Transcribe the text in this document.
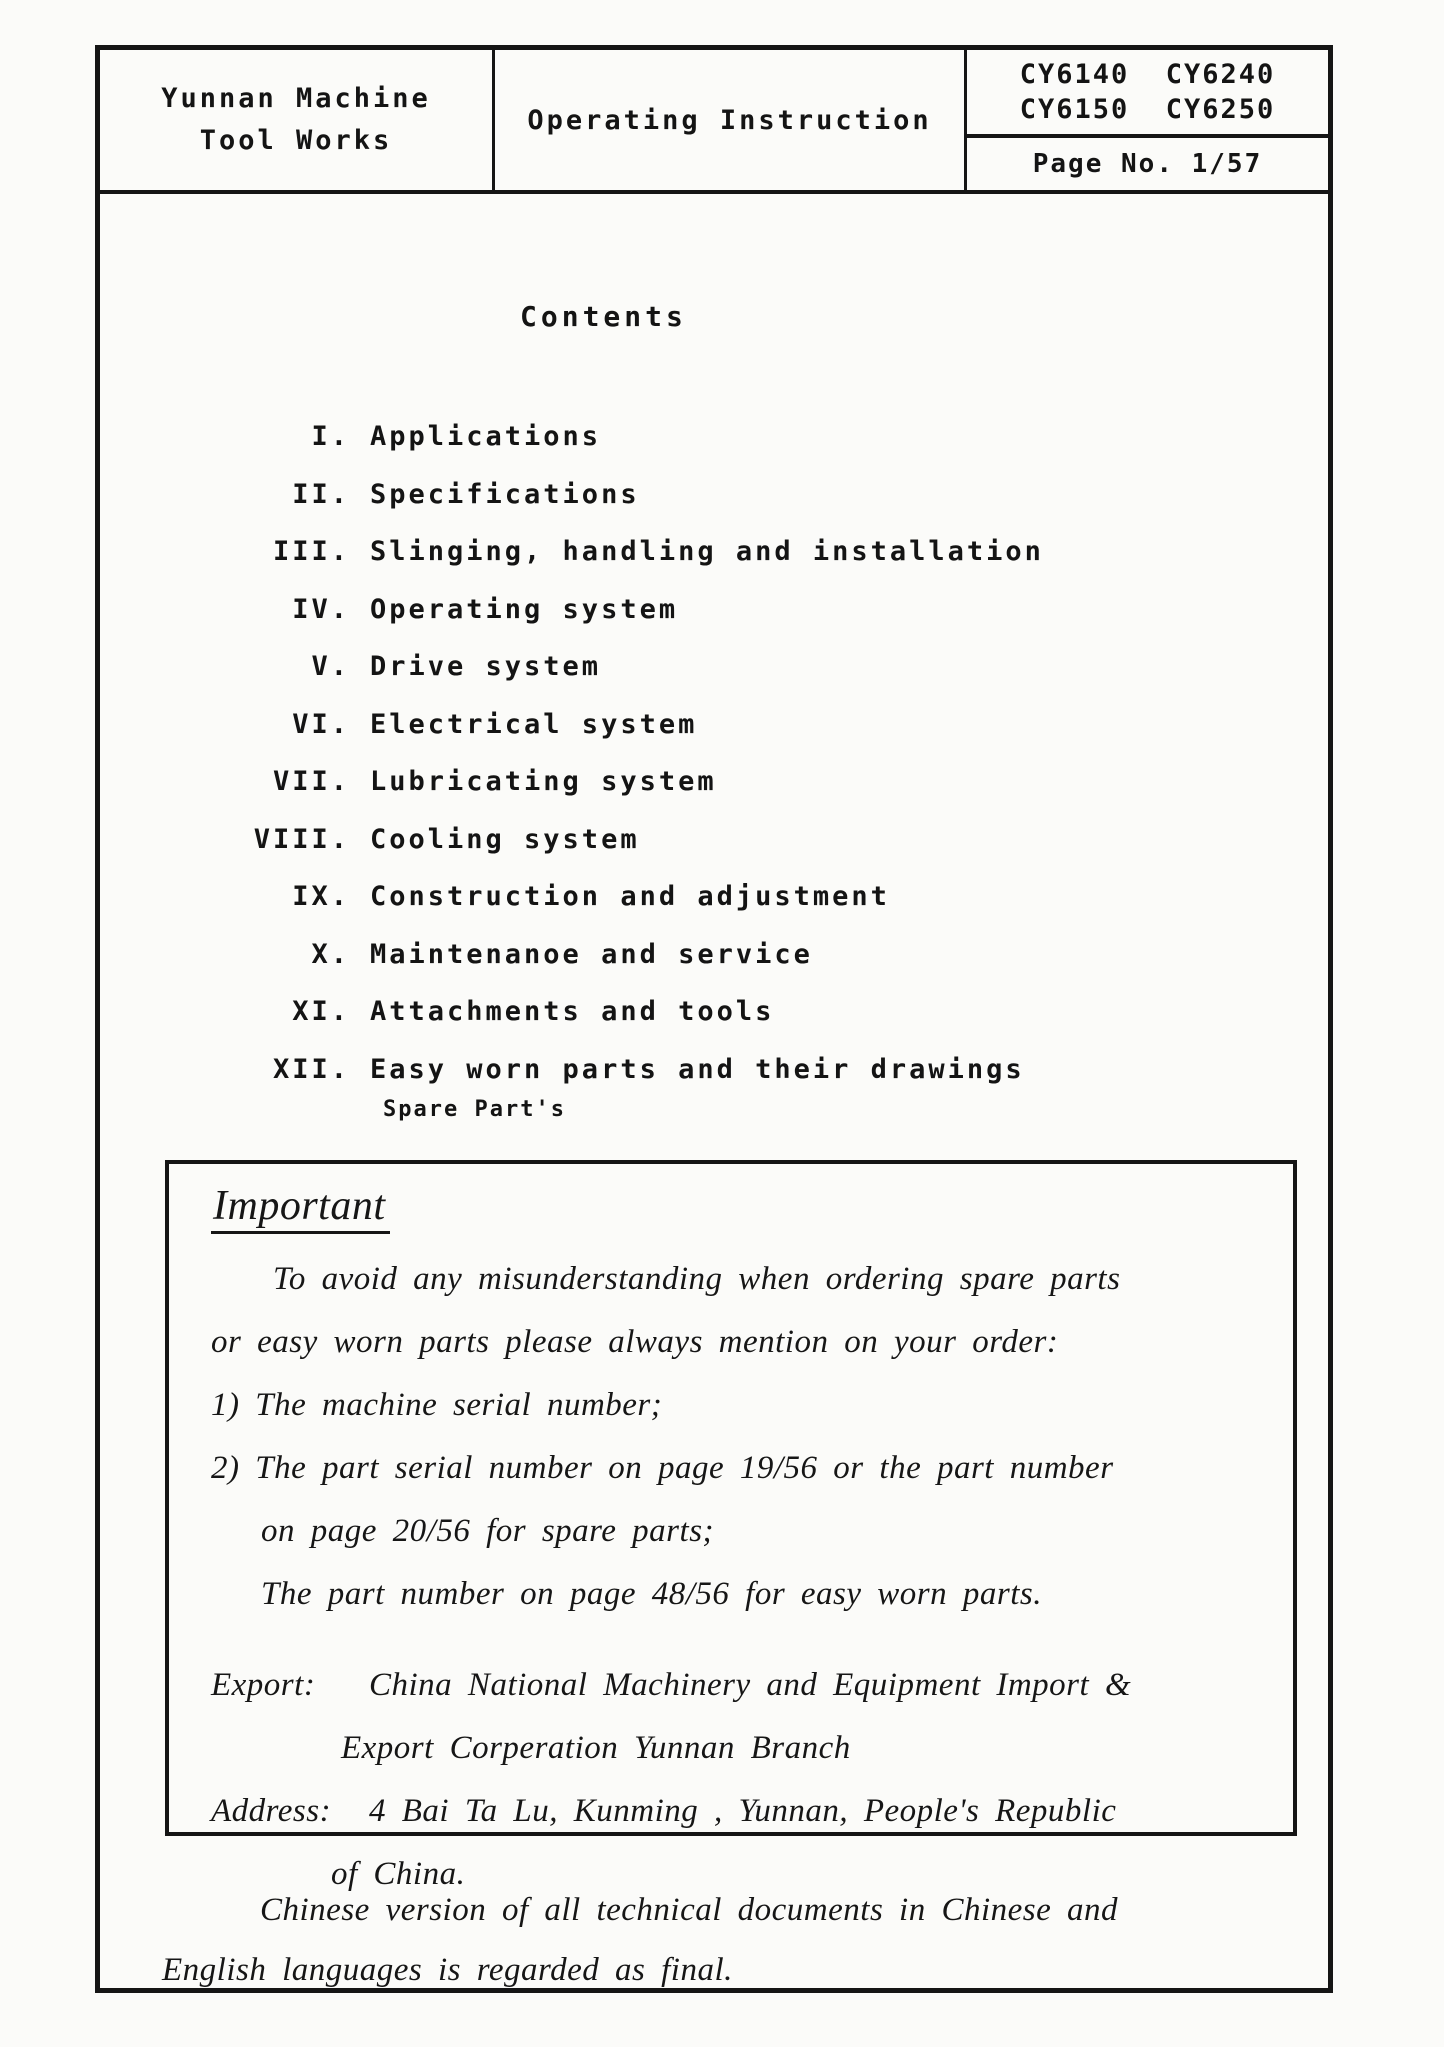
Yunnan Machine
Tool Works
Operating Instruction
CY6140  CY6240
CY6150  CY6250
Page No. 1/57
Contents
I. Applications
II. Specifications
III. Slinging, handling and installation
IV. Operating system
V. Drive system
VI. Electrical system
VII. Lubricating system
VIII. Cooling system
IX. Construction and adjustment
X. Maintenanoe and service
XI. Attachments and tools
XII. Easy worn parts and their drawings
Spare Part's
Important
To avoid any misunderstanding when ordering spare parts
or easy worn parts please always mention on your order:
1) The machine serial number;
2) The part serial number on page 19/56 or the part number
on page 20/56 for spare parts;
The part number on page 48/56 for easy worn parts.
Export:	China National Machinery and Equipment Import &
Export Corperation Yunnan Branch
Address:	4 Bai Ta Lu, Kunming , Yunnan, People's Republic
of China.
Chinese version of all technical documents in Chinese and
English languages is regarded as final.
